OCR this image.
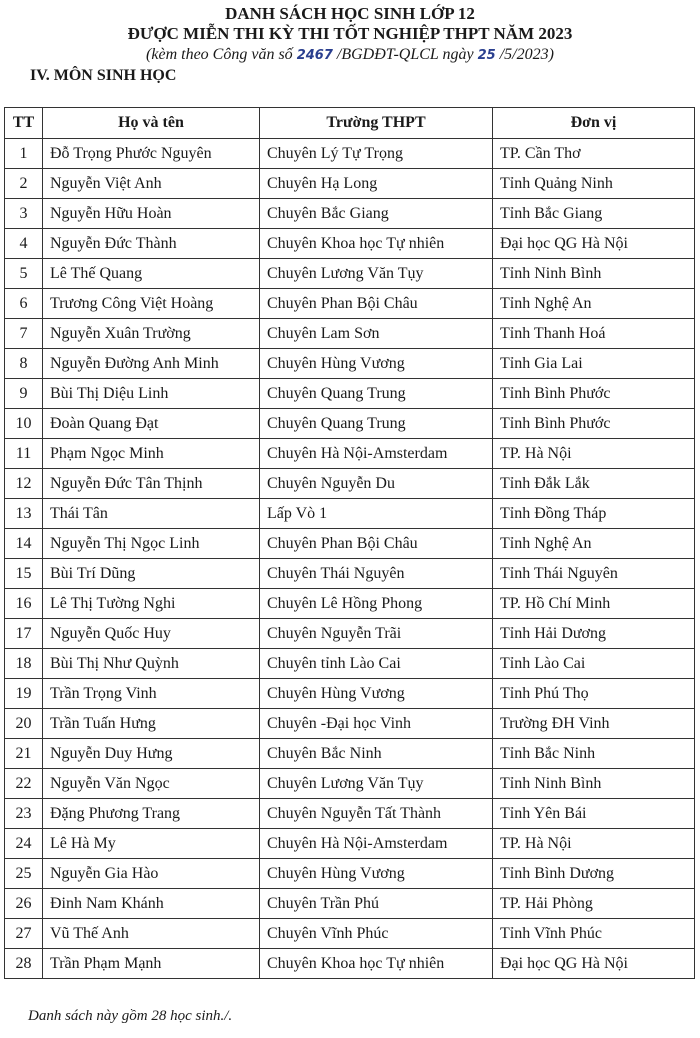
DANH SÁCH HỌC SINH LỚP 12
ĐƯỢC MIỄN THI KỲ THI TỐT NGHIỆP THPT NĂM 2023
(kèm theo Công văn số 2467 /BGDĐT-QLCL ngày 25 /5/2023)
IV. MÔN SINH HỌC
TT	Họ và tên	Trường THPT	Đơn vị
1	Đỗ Trọng Phước Nguyên	Chuyên Lý Tự Trọng	TP. Cần Thơ
2	Nguyễn Việt Anh	Chuyên Hạ Long	Tỉnh Quảng Ninh
3	Nguyễn Hữu Hoàn	Chuyên Bắc Giang	Tỉnh Bắc Giang
4	Nguyễn Đức Thành	Chuyên Khoa học Tự nhiên	Đại học QG Hà Nội
5	Lê Thế Quang	Chuyên Lương Văn Tụy	Tỉnh Ninh Bình
6	Trương Công Việt Hoàng	Chuyên Phan Bội Châu	Tỉnh Nghệ An
7	Nguyễn Xuân Trường	Chuyên Lam Sơn	Tỉnh Thanh Hoá
8	Nguyễn Đường Anh Minh	Chuyên Hùng Vương	Tỉnh Gia Lai
9	Bùi Thị Diệu Linh	Chuyên Quang Trung	Tỉnh Bình Phước
10	Đoàn Quang Đạt	Chuyên Quang Trung	Tỉnh Bình Phước
11	Phạm Ngọc Minh	Chuyên Hà Nội-Amsterdam	TP. Hà Nội
12	Nguyễn Đức Tân Thịnh	Chuyên Nguyễn Du	Tỉnh Đắk Lắk
13	Thái Tân	Lấp Vò 1	Tỉnh Đồng Tháp
14	Nguyễn Thị Ngọc Linh	Chuyên Phan Bội Châu	Tỉnh Nghệ An
15	Bùi Trí Dũng	Chuyên Thái Nguyên	Tỉnh Thái Nguyên
16	Lê Thị Tường Nghi	Chuyên Lê Hồng Phong	TP. Hồ Chí Minh
17	Nguyễn Quốc Huy	Chuyên Nguyễn Trãi	Tỉnh Hải Dương
18	Bùi Thị Như Quỳnh	Chuyên tỉnh Lào Cai	Tỉnh Lào Cai
19	Trần Trọng Vinh	Chuyên Hùng Vương	Tỉnh Phú Thọ
20	Trần Tuấn Hưng	Chuyên -Đại học Vinh	Trường ĐH Vinh
21	Nguyễn Duy Hưng	Chuyên Bắc Ninh	Tỉnh Bắc Ninh
22	Nguyễn Văn Ngọc	Chuyên Lương Văn Tụy	Tỉnh Ninh Bình
23	Đặng Phương Trang	Chuyên Nguyễn Tất Thành	Tỉnh Yên Bái
24	Lê Hà My	Chuyên Hà Nội-Amsterdam	TP. Hà Nội
25	Nguyễn Gia Hào	Chuyên Hùng Vương	Tỉnh Bình Dương
26	Đinh Nam Khánh	Chuyên Trần Phú	TP. Hải Phòng
27	Vũ Thế Anh	Chuyên Vĩnh Phúc	Tỉnh Vĩnh Phúc
28	Trần Phạm Mạnh	Chuyên Khoa học Tự nhiên	Đại học QG Hà Nội
Danh sách này gồm 28 học sinh./.
